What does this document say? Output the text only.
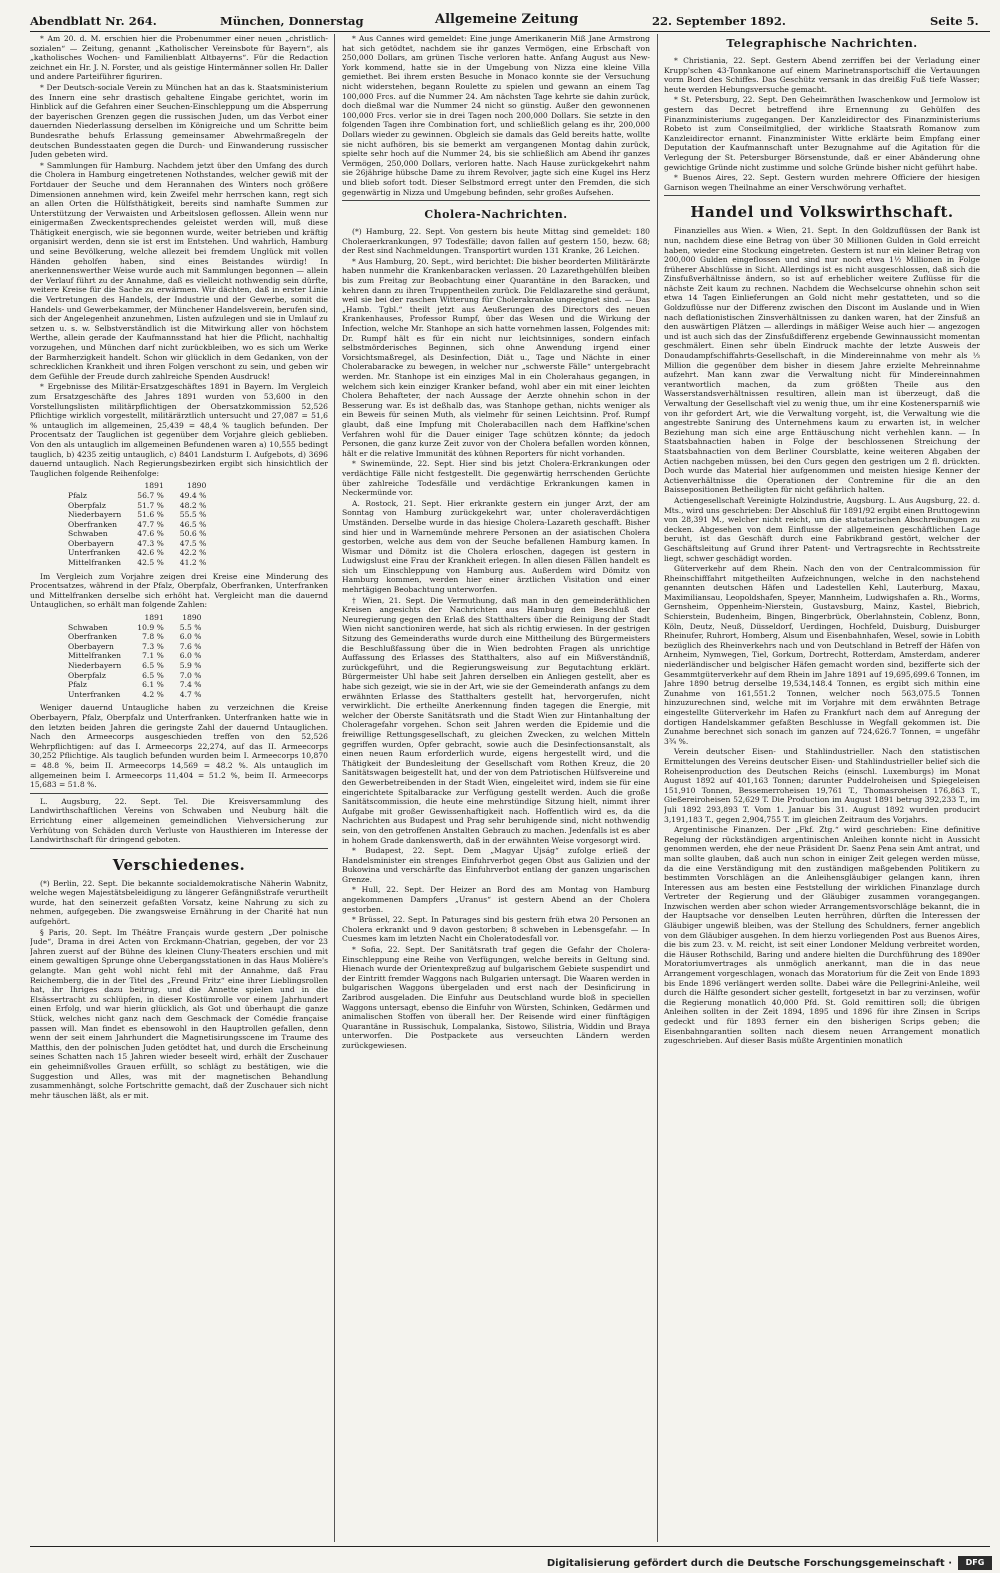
Abendblatt Nr. 264.	München, Donnerstag	Allgemeine Zeitung	22. September 1892.	Seite 5.

* Am 20. d. M. erschien hier die Probenummer einer neuen „christlich-sozialen“ — Zeitung, genannt „Katholischer Vereinsbote für Bayern“, als „katholisches Wochen- und Familienblatt Altbayerns“. Für die Redaction zeichnet ein Hr. J. N. Forster, und als geistige Hintermänner sollen Hr. Daller und andere Parteiführer figuriren.

* Der Deutsch-sociale Verein zu München hat an das k. Staatsministerium des Innern eine sehr drastisch gehaltene Eingabe gerichtet, worin im Hinblick auf die Gefahren einer Seuchen-Einschleppung um die Absperrung der bayerischen Grenzen gegen die russischen Juden, um das Verbot einer dauernden Niederlassung derselben im Königreiche und um Schritte beim Bundesrathe behufs Erlassung gemeinsamer Abwehrmaßregeln der deutschen Bundesstaaten gegen die Durch- und Einwanderung russischer Juden gebeten wird.

* Sammlungen für Hamburg. Nachdem jetzt über den Umfang des durch die Cholera in Hamburg eingetretenen Nothstandes, welcher gewiß mit der Fortdauer der Seuche und dem Herannahen des Winters noch größere Dimensionen annehmen wird, kein Zweifel mehr herrschen kann, regt sich an allen Orten die Hülfsthätigkeit, bereits sind namhafte Summen zur Unterstützung der Verwaisten und Arbeitslosen geflossen. Allein wenn nur einigermaßen Zweckentsprechendes geleistet werden will, muß diese Thätigkeit energisch, wie sie begonnen wurde, weiter betrieben und kräftig organisirt werden, denn sie ist erst im Entstehen. Und wahrlich, Hamburg und seine Bevölkerung, welche allezeit bei fremdem Unglück mit vollen Händen geholfen haben, sind eines Beistandes würdig! In anerkennenswerther Weise wurde auch mit Sammlungen begonnen — allein der Verlauf führt zu der Annahme, daß es vielleicht nothwendig sein dürfte, weitere Kreise für die Sache zu erwärmen. Wir dächten, daß in erster Linie die Vertretungen des Handels, der Industrie und der Gewerbe, somit die Handels- und Gewerbekammer, der Münchener Handelsverein, berufen sind, sich der Angelegenheit anzunehmen, Listen aufzulegen und sie in Umlauf zu setzen u. s. w. Selbstverständlich ist die Mitwirkung aller von höchstem Werthe, allein gerade der Kaufmannsstand hat hier die Pflicht, nachhaltig vorzugehen, und München darf nicht zurückbleiben, wo es sich um Werke der Barmherzigkeit handelt. Schon wir glücklich in dem Gedanken, von der schrecklichen Krankheit und ihren Folgen verschont zu sein, und geben wir dem Gefühle der Freude durch zahlreiche Spenden Ausdruck!

* Ergebnisse des Militär-Ersatzgeschäftes 1891 in Bayern. Im Vergleich zum Ersatzgeschäfte des Jahres 1891 wurden von 53,600 in den Vorstellungslisten militärpflichtigen der Obersatzkommission 52,526 Pflichtige wirklich vorgestellt, militärärztlich untersucht und 27,087 = 51,6 % untauglich im allgemeinen, 25,439 = 48,4 % tauglich befunden. Der Procentsatz der Tauglichen ist gegenüber dem Vorjahre gleich geblieben. Von den als untauglich im allgemeinen Befundenen waren a) 10,555 bedingt tauglich, b) 4235 zeitig untauglich, c) 8401 Landsturm I. Aufgebots, d) 3696 dauernd untauglich. Nach Regierungsbezirken ergibt sich hinsichtlich der Tauglichen folgende Reihenfolge:

	1891	1890
Pfalz	56.7 %	49.4 %
Oberpfalz	51.7 %	48.2 %
Niederbayern	51.6 %	55.5 %
Oberfranken	47.7 %	46.5 %
Schwaben	47.6 %	50.6 %
Oberbayern	47.3 %	47.5 %
Unterfranken	42.6 %	42.2 %
Mittelfranken	42.5 %	41.2 %

Im Vergleich zum Vorjahre zeigen drei Kreise eine Minderung des Procentsatzes, während in der Pfalz, Oberpfalz, Oberfranken, Unterfranken und Mittelfranken derselbe sich erhöht hat. Vergleicht man die dauernd Untauglichen, so erhält man folgende Zahlen:

	1891	1890
Schwaben	10.9 %	5.5 %
Oberfranken	7.8 %	6.0 %
Oberbayern	7.3 %	7.6 %
Mittelfranken	7.1 %	6.0 %
Niederbayern	6.5 %	5.9 %
Oberpfalz	6.5 %	7.0 %
Pfalz	6.1 %	7.4 %
Unterfranken	4.2 %	4.7 %

Weniger dauernd Untaugliche haben zu verzeichnen die Kreise Oberbayern, Pfalz, Oberpfalz und Unterfranken. Unterfranken hatte wie in den letzten beiden Jahren die geringste Zahl der dauernd Untauglichen. Nach den Armeecorps ausgeschieden treffen von den 52,526 Wehrpflichtigen: auf das I. Armeecorps 22,274, auf das II. Armeecorps 30,252 Pflichtige. Als tauglich befunden wurden beim I. Armeecorps 10,870 = 48.8 %, beim II. Armeecorps 14,569 = 48.2 %. Als untauglich im allgemeinen beim I. Armeecorps 11,404 = 51.2 %, beim II. Armeecorps 15,683 = 51.8 %.

L. Augsburg, 22. Sept. Tel. Die Kreisversammlung des Landwirthschaftlichen Vereins von Schwaben und Neuburg hält die Errichtung einer allgemeinen gemeindlichen Viehversicherung zur Verhütung von Schäden durch Verluste von Hausthieren im Interesse der Landwirthschaft für dringend geboten.

Verschiedenes.

(*) Berlin, 22. Sept. Die bekannte socialdemokratische Näherin Wabnitz, welche wegen Majestätsbeleidigung zu längerer Gefängnißstrafe verurtheilt wurde, hat den seinerzeit gefaßten Vorsatz, keine Nahrung zu sich zu nehmen, aufgegeben. Die zwangsweise Ernährung in der Charité hat nun aufgehört.

§ Paris, 20. Sept. Im Théâtre Français wurde gestern „Der polnische Jude“, Drama in drei Acten von Erckmann-Chatrian, gegeben, der vor 23 Jahren zuerst auf der Bühne des kleinen Cluny-Theaters erschien und mit einem gewaltigen Sprunge ohne Uebergangsstationen in das Haus Molière's gelangte. Man geht wohl nicht fehl mit der Annahme, daß Frau Reichemberg, die in der Titel des „Freund Fritz“ eine ihrer Lieblingsrollen hat, ihr Ihriges dazu beitrug, und die Annette spielen und in die Elsässertracht zu schlüpfen, in dieser Kostümrolle vor einem Jahrhundert einen Erfolg, und war hierin glücklich, als Got und überhaupt die ganze Stück, welches nicht ganz nach dem Geschmack der Comédie française passen will. Man findet es ebensowohl in den Hauptrollen gefallen, denn wenn der seit einem Jahrhundert die Magnetisirungsscene im Traume des Matthis, den der polnischen Juden getödtet hat, und durch die Erscheinung seines Schatten nach 15 Jahren wieder beseelt wird, erhält der Zuschauer ein geheimnißvolles Grauen erfüllt, so schlägt zu bestätigen, wie die Suggestion und Alles, was mit der magnetischen Behandlung zusammenhängt, solche Fortschritte gemacht, daß der Zuschauer sich nicht mehr täuschen läßt, als er mit.

* Aus Cannes wird gemeldet: Eine junge Amerikanerin Miß Jane Armstrong hat sich getödtet, nachdem sie ihr ganzes Vermögen, eine Erbschaft von 250,000 Dollars, am grünen Tische verloren hatte. Anfang August aus New-York kommend, hatte sie in der Umgebung von Nizza eine kleine Villa gemiethet. Bei ihrem ersten Besuche in Monaco konnte sie der Versuchung nicht widerstehen, begann Roulette zu spielen und gewann an einem Tag 100,000 Frcs. auf die Nummer 24. Am nächsten Tage kehrte sie dahin zurück, doch dießmal war die Nummer 24 nicht so günstig. Außer den gewonnenen 100,000 Frcs. verlor sie in drei Tagen noch 200,000 Dollars. Sie setzte in den folgenden Tagen ihre Combination fort, und schließlich gelang es ihr, 200,000 Dollars wieder zu gewinnen. Obgleich sie damals das Geld bereits hatte, wollte sie nicht aufhören, bis sie bemerkt am vergangenen Montag dahin zurück, spielte sehr hoch auf die Nummer 24, bis sie schließlich am Abend ihr ganzes Vermögen, 250,000 Dollars, verloren hatte. Nach Hause zurückgekehrt nahm sie 26jährige hübsche Dame zu ihrem Revolver, jagte sich eine Kugel ins Herz und blieb sofort todt. Dieser Selbstmord erregt unter den Fremden, die sich gegenwärtig in Nizza und Umgebung befinden, sehr großes Aufsehen.

Cholera-Nachrichten.

(*) Hamburg, 22. Sept. Von gestern bis heute Mittag sind gemeldet: 180 Cholerаerkrankungen, 97 Todesfälle; davon fallen auf gestern 150, bezw. 68; der Rest sind Nachmeldungen. Transportirt wurden 131 Kranke, 26 Leichen.

* Aus Hamburg, 20. Sept., wird berichtet: Die bisher beorderten Militärärzte haben nunmehr die Krankenbaracken verlassen. 20 Lazarethgehülfen bleiben bis zum Freitag zur Beobachtung einer Quarantäne in den Baracken, und kehren dann zu ihren Truppentheilen zurück. Die Feldlazarethe sind geräumt, weil sie bei der raschen Witterung für Cholerakranke ungeeignet sind. — Das „Hamb. Tgbl.“ theilt jetzt aus Aeußerungen des Directors des neuen Krankenhauses, Professor Rumpf, über das Wesen und die Wirkung der Infection, welche Mr. Stanhope an sich hatte vornehmen lassen, Folgendes mit: Dr. Rumpf hält es für ein nicht nur leichtsinniges, sondern einfach selbstmörderisches Beginnen, sich ohne Anwendung irgend einer Vorsichtsmaßregel, als Desinfection, Diät u., Tage und Nächte in einer Cholerabaracke zu bewegen, in welcher nur „schwerste Fälle“ untergebracht werden. Mr. Stanhope ist ein einziges Mal in ein Cholerahaus gegangen, in welchem sich kein einziger Kranker befand, wohl aber ein mit einer leichten Cholera Behafteter, der nach Aussage der Aerzte ohnehin schon in der Besserung war. Es ist deßhalb das, was Stanhope gethan, nichts weniger als ein Beweis für seinen Muth, als vielmehr für seinen Leichtsinn. Prof. Rumpf glaubt, daß eine Impfung mit Cholerabacillen nach dem Haffkine'schen Verfahren wohl für die Dauer einiger Tage schützen könnte; da jedoch Personen, die ganz kurze Zeit zuvor von der Cholera befallen worden können, hält er die relative Immunität des kühnen Reporters für nicht vorhanden.

* Swinemünde, 22. Sept. Hier sind bis jetzt Cholera-Erkrankungen oder verdächtige Fälle nicht festgestellt. Die gegenwärtig herrschenden Gerüchte über zahlreiche Todesfälle und verdächtige Erkrankungen kamen in Neckermünde vor.

A. Rostock, 21. Sept. Hier erkrankte gestern ein junger Arzt, der am Sonntag von Hamburg zurückgekehrt war, unter choleraverdächtigen Umständen. Derselbe wurde in das hiesige Cholera-Lazareth geschafft. Bisher sind hier und in Warnemünde mehrere Personen an der asiatischen Cholera gestorben, welche aus dem von der Seuche befallenen Hamburg kamen. In Wismar und Dömitz ist die Cholera erloschen, dagegen ist gestern in Ludwigslust eine Frau der Krankheit erlegen. In allen diesen Fällen handelt es sich um Einschleppung von Hamburg aus. Außerdem wird Dömitz von Hamburg kommen, werden hier einer ärztlichen Visitation und einer mehrtägigen Beobachtung unterworfen.

† Wien, 21. Sept. Die Vermuthung, daß man in den gemeinderäthlichen Kreisen angesichts der Nachrichten aus Hamburg den Beschluß der Neuregierung gegen den Erlaß des Statthalters über die Reinigung der Stadt Wien nicht sanctioniren werde, hat sich als richtig erwiesen. In der gestrigen Sitzung des Gemeinderaths wurde durch eine Mittheilung des Bürgermeisters die Beschlußfassung über die in Wien bedrohten Fragen als unrichtige Auffassung des Erlasses des Statthalters, also auf ein Mißverständniß, zurückgeführt, und die Regierungsweisung zur Begutachtung erklärt. Bürgermeister Uhl habe seit Jahren derselben ein Anliegen gestellt, aber es habe sich gezeigt, wie sie in der Art, wie sie der Gemeinderath anfangs zu dem erwähnten Erlasse des Statthalters gestellt hat, hervorgerufen, nicht verwirklicht. Die ertheilte Anerkennung finden tagegen die Energie, mit welcher der Oberste Sanitätsrath und die Stadt Wien zur Hintanhaltung der Choleragefahr vorgehen. Schon seit Jahren werden die Epidemie und die freiwillige Rettungsgesellschaft, zu gleichen Zwecken, zu welchen Mitteln gegriffen wurden, Opfer gebracht, sowie auch die Desinfectionsanstalt, als einen neuen Raum erforderlich wurde, eigens hergestellt wird, und die Thätigkeit der Bundesleitung der Gesellschaft vom Rothen Kreuz, die 20 Sanitätswagen beigestellt hat, und der von dem Patriotischen Hülfsvereine und den Gewerbetreibenden in der Stadt Wien, eingeleitet wird, indem sie für eine eingerichtete Spitalbaracke zur Verfügung gestellt werden. Auch die große Sanitätscommission, die heute eine mehrstündige Sitzung hielt, nimmt ihrer Aufgabe mit großer Gewissenhaftigkeit nach. Hoffentlich wird es, da die Nachrichten aus Budapest und Prag sehr beruhigende sind, nicht nothwendig sein, von den getroffenen Anstalten Gebrauch zu machen. Jedenfalls ist es aber in hohem Grade dankenswerth, daß in der erwähnten Weise vorgesorgt wird.

* Budapest, 22. Sept. Dem „Magyar Ujság“ zufolge erließ der Handelsminister ein strenges Einfuhrverbot gegen Obst aus Galizien und der Bukowina und verschärfte das Einfuhrverbot entlang der ganzen ungarischen Grenze.

* Hull, 22. Sept. Der Heizer an Bord des am Montag von Hamburg angekommenen Dampfers „Uranus“ ist gestern Abend an der Cholera gestorben.

* Brüssel, 22. Sept. In Paturages sind bis gestern früh etwa 20 Personen an Cholera erkrankt und 9 davon gestorben; 8 schweben in Lebensgefahr. — In Cuesmes kam im letzten Nacht ein Choleratodesfall vor.

* Sofia, 22. Sept. Der Sanitätsrath traf gegen die Gefahr der Cholera-Einschleppung eine Reihe von Verfügungen, welche bereits in Geltung sind. Hienach wurde der Orientexpreßzug auf bulgarischem Gebiete suspendirt und der Eintritt fremder Waggons nach Bulgarien untersagt. Die Waaren werden in bulgarischen Waggons übergeladen und erst nach der Desinficirung in Zaribrod ausgeladen. Die Einfuhr aus Deutschland wurde bloß in speciellen Waggons untersagt, ebenso die Einfuhr von Würsten, Schinken, Gedärmen und animalischen Stoffen von überall her. Der Reisende wird einer fünftägigen Quarantäne in Russischuk, Lompalanka, Sistowo, Silistria, Widdin und Braya unterworfen. Die Postpackete aus verseuchten Ländern werden zurückgewiesen.

Telegraphische Nachrichten.

* Christiania, 22. Sept. Gestern Abend zerriffen bei der Verladung einer Krupp'schen 43-Tonnkanone auf einem Marinetransportschiff die Vertauungen vorm Bord des Schiffes. Das Geschütz versank in das dreißig Fuß tiefe Wasser; heute werden Hebungsversuche gemacht.

* St. Petersburg, 22. Sept. Den Geheimräthen Iwaschenkow und Jermolow ist gestern das Decret betreffend ihre Ernennung zu Gehülfen des Finanzministeriums zugegangen. Der Kanzleidirector des Finanzministeriums Robeto ist zum Conseilmitglied, der wirkliche Staatsrath Romanow zum Kanzleidirector ernannt. Finanzminister Witte erklärte beim Empfang einer Deputation der Kaufmannschaft unter Bezugnahme auf die Agitation für die Verlegung der St. Petersburger Börsenstunde, daß er einer Abänderung ohne gewichtige Gründe nicht zustimme und solche Gründe bisher nicht geführt habe.

* Buenos Aires, 22. Sept. Gestern wurden mehrere Officiere der hiesigen Garnison wegen Theilnahme an einer Verschwörung verhaftet.

Handel und Volkswirthschaft.

Finanzielles aus Wien. ⚹ Wien, 21. Sept. In den Goldzuflüssen der Bank ist nun, nachdem diese eine Betrag von über 30 Millionen Gulden in Gold erreicht haben, wieder eine Stockung eingetreten. Gestern ist nur ein kleiner Betrag von 200,000 Gulden eingeflossen und sind nur noch etwa 1½ Millionen in Folge früherer Abschlüsse in Sicht. Allerdings ist es nicht ausgeschlossen, daß sich die Zinsfußverhältnisse ändern, so ist auf erheblicher weitere Zuflüsse für die nächste Zeit kaum zu rechnen. Nachdem die Wechselcurse ohnehin schon seit etwa 14 Tagen Einlieferungen an Gold nicht mehr gestatteten, und so die Goldzuflüsse nur der Differenz zwischen den Discont im Auslande und in Wien nach deflationistischen Zinsverhältnissen zu danken waren, hat der Zinsfuß an den auswärtigen Plätzen — allerdings in mäßiger Weise auch hier — angezogen und ist auch sich das der Zinsfußdifferenz ergebende Gewinnaussicht momentan geschmälert. Einen sehr übeln Eindruck machte der letzte Ausweis der Donaudampfschiffahrts-Gesellschaft, in die Mindereinnahme von mehr als ⅓ Million die gegenüber dem bisher in diesem Jahre erzielte Mehreinnahme aufzehrt. Man kann zwar die Verwaltung nicht für Mindereinnahmen verantwortlich machen, da zum größten Theile aus den Wasserstandsverhältnissen resultiren, allein man ist überzeugt, daß die Verwaltung der Gesellschaft viel zu wenig thue, um ihr eine Kostenersparniß wie von ihr gefordert Art, wie die Verwaltung vorgeht, ist, die Verwaltung wie die angestrebte Sanirung des Unternehmens kaum zu erwarten ist, in welcher Beziehung man sich eine arge Enttäuschung nicht verhehlen kann. — In Staatsbahnactien haben in Folge der beschlossenen Streichung der Staatsbahnactien von dem Berliner Coursblatte, keine weiteren Abgaben der Actien nachgeben müssen, bei den Curs gegen den gestrigen um 2 fl. drückten. Doch wurde das Material hier aufgenommen und meisten hiesige Kenner der Actienverhältnisse die Operationen der Contremine für die an den Baissepositionen Betheiligten für nicht gefährlich halten.

Actiengesellschaft Vereinigte Holzindustrie, Augsburg. L. Aus Augsburg, 22. d. Mts., wird uns geschrieben: Der Abschluß für 1891/92 ergibt einen Bruttogewinn von 28,391 M., welcher nicht reicht, um die statutarischen Abschreibungen zu decken. Abgesehen von dem Einflusse der allgemeinen geschäftlichen Lage beruht, ist das Geschäft durch eine Fabrikbrand gestört, welcher der Geschäftsleitung auf Grund ihrer Patent- und Vertragsrechte in Rechtsstreite liegt, schwer geschädigt worden.

Güterverkehr auf dem Rhein. Nach den von der Centralcommission für Rheinschifffahrt mitgetheilten Aufzeichnungen, welche in den nachstehend genannten deutschen Häfen und Ladestellen Kehl, Lauterburg, Maxau, Maximiliansau, Leopoldshafen, Speyer, Mannheim, Ludwigshafen a. Rh., Worms, Gernsheim, Oppenheim-Nierstein, Gustavsburg, Mainz, Kastel, Biebrich, Schierstein, Budenheim, Bingen, Bingerbrück, Oberlahnstein, Coblenz, Bonn, Köln, Deutz, Neuß, Düsseldorf, Uerdingen, Hochfeld, Duisburg, Duisburger Rheinufer, Ruhrort, Homberg, Alsum und Eisenbahnhafen, Wesel, sowie in Lobith bezüglich des Rheinverkehrs nach und von Deutschland in Betreff der Häfen von Arnheim, Nymwegen, Tiel, Gorkum, Dortrecht, Rotterdam, Amsterdam, anderer niederländischer und belgischer Häfen gemacht worden sind, bezifferte sich der Gesammtgüterverkehr auf dem Rhein im Jahre 1891 auf 19,695,699.6 Tonnen, im Jahre 1890 betrug derselbe 19,534,148.4 Tonnen, es ergibt sich mithin eine Zunahme von 161,551.2 Tonnen, welcher noch 563,075.5 Tonnen hinzuzurechnen sind, welche mit im Vorjahre mit dem erwähnten Betrage eingestellte Güterverkehr im Hafen zu Frankfurt nach dem auf Anregung der dortigen Handelskammer gefaßten Beschlusse in Wegfall gekommen ist. Die Zunahme berechnet sich sonach im ganzen auf 724,626.7 Tonnen, = ungefähr 3¾ %.

Verein deutscher Eisen- und Stahlindustrieller. Nach den statistischen Ermittelungen des Vereins deutscher Eisen- und Stahlindustrieller belief sich die Roheisenproduction des Deutschen Reichs (einschl. Luxemburgs) im Monat August 1892 auf 401,163 Tonnen; darunter Puddelroheisen und Spiegeleisen 151,910 Tonnen, Bessemerroheisen 19,761 T., Thomasroheisen 176,863 T., Gießereiroheisen 52,629 T. Die Production im August 1891 betrug 392,233 T., im Juli 1892 293,893 T. Vom 1. Januar bis 31. August 1892 wurden producirt 3,191,183 T., gegen 2,904,755 T. im gleichen Zeitraum des Vorjahrs.

Argentinische Finanzen. Der „Fkf. Ztg.“ wird geschrieben: Eine definitive Regelung der rückständigen argentinischen Anleihen konnte nicht in Aussicht genommen werden, ehe der neue Präsident Dr. Saenz Pena sein Amt antrat, und man sollte glauben, daß auch nun schon in einiger Zeit gelegen werden müsse, da die eine Verständigung mit den zuständigen maßgebenden Politikern zu bestimmten Vorschlägen an die Anleihensgläubiger gelangen kann, ihren Interessen aus am besten eine Feststellung der wirklichen Finanzlage durch Vertreter der Regierung und der Gläubiger zusammen vorangegangen. Inzwischen werden aber schon wieder Arrangementsvorschläge bekannt, die in der Hauptsache vor denselben Leuten herrühren, dürften die Interessen der Gläubiger ungewiß bleiben, was der Stellung des Schuldners, ferner angeblich von dem Gläubiger ausgehen. In dem hierzu vorliegenden Post aus Buenos Aires, die bis zum 23. v. M. reicht, ist seit einer Londoner Meldung verbreitet worden, die Häuser Rothschild, Baring und andere hielten die Durchführung des 1890er Moratoriumvertrages als unmöglich anerkannt, man die in das neue Arrangement vorgeschlagen, wonach das Moratorium für die Zeit von Ende 1893 bis Ende 1896 verlängert werden sollte. Dabei wäre die Pellegrini-Anleihe, weil durch die Hälfte gesondert sicher gestellt, fortgesetzt in bar zu verzinsen, wofür die Regierung monatlich 40,000 Pfd. St. Gold remittiren soll; die übrigen Anleihen sollten in der Zeit 1894, 1895 und 1896 für ihre Zinsen in Scrips gedeckt und für 1893 ferner ein den bisherigen Scrips geben; die Eisenbahngarantien sollten nach diesem neuen Arrangement monatlich zugeschrieben. Auf dieser Basis müßte Argentinien monatlich

Digitalisierung gefördert durch die Deutsche Forschungsgemeinschaft ·	DFG
